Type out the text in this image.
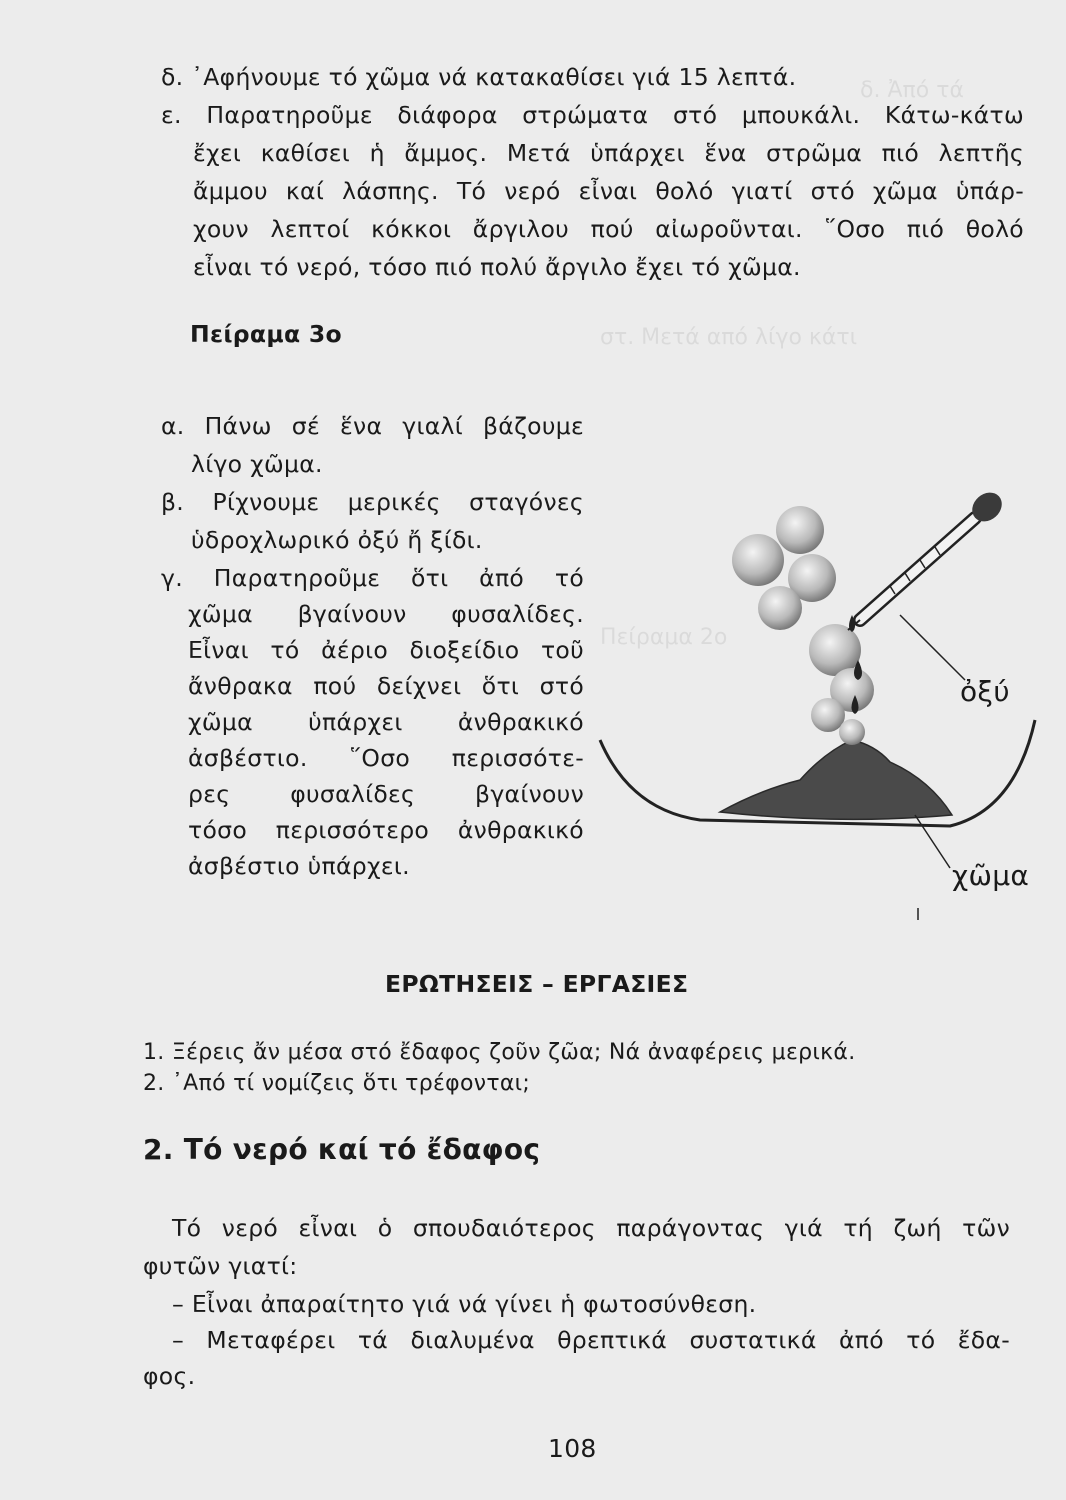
δ. Ἀπό τά
στ. Μετά από λίγο κάτι
Πείραμα 2ο
δ. ᾿Αφήνουμε τό χῶμα νά κατακαθίσει γιά 15 λεπτά.
ε. Παρατηροῦμε διάφορα στρώματα στό μπουκάλι. Κάτω-κάτω
ἔχει καθίσει ἡ ἄμμος. Μετά ὑπάρχει ἕνα στρῶμα πιό λεπτῆς
ἄμμου καί λάσπης. Τό νερό εἶναι θολό γιατί στό χῶμα ὑπάρ-
χουν λεπτοί κόκκοι ἄργιλου πού αἰωροῦνται. ῞Οσο πιό θολό
εἶναι τό νερό, τόσο πιό πολύ ἄργιλο ἔχει τό χῶμα.
Πείραμα 3ο
α. Πάνω σέ ἕνα γιαλί βάζουμε
λίγο χῶμα.
β. Ρίχνουμε μερικές σταγόνες
ὑδροχλωρικό ὀξύ ἤ ξίδι.
γ. Παρατηροῦμε ὅτι ἀπό τό
χῶμα βγαίνουν φυσαλίδες.
Εἶναι τό ἀέριο διοξείδιο τοῦ
ἄνθρακα πού δείχνει ὅτι στό
χῶμα ὑπάρχει ἀνθρακικό
ἀσβέστιο. ῞Οσο περισσότε-
ρες φυσαλίδες βγαίνουν
τόσο περισσότερο ἀνθρακικό
ἀσβέστιο ὑπάρχει.
ὀξύ
χῶμα
ΕΡΩΤΗΣΕΙΣ – ΕΡΓΑΣΙΕΣ
1. Ξέρεις ἄν μέσα στό ἔδαφος ζοῦν ζῶα; Νά ἀναφέρεις μερικά.
2. ᾿Από τί νομίζεις ὅτι τρέφονται;
2. Τό νερό καί τό ἔδαφος
Τό νερό εἶναι ὁ σπουδαιότερος παράγοντας γιά τή ζωή τῶν
φυτῶν γιατί:
– Εἶναι ἀπαραίτητο γιά νά γίνει ἡ φωτοσύνθεση.
– Μεταφέρει τά διαλυμένα θρεπτικά συστατικά ἀπό τό ἔδα-
φος.
108
